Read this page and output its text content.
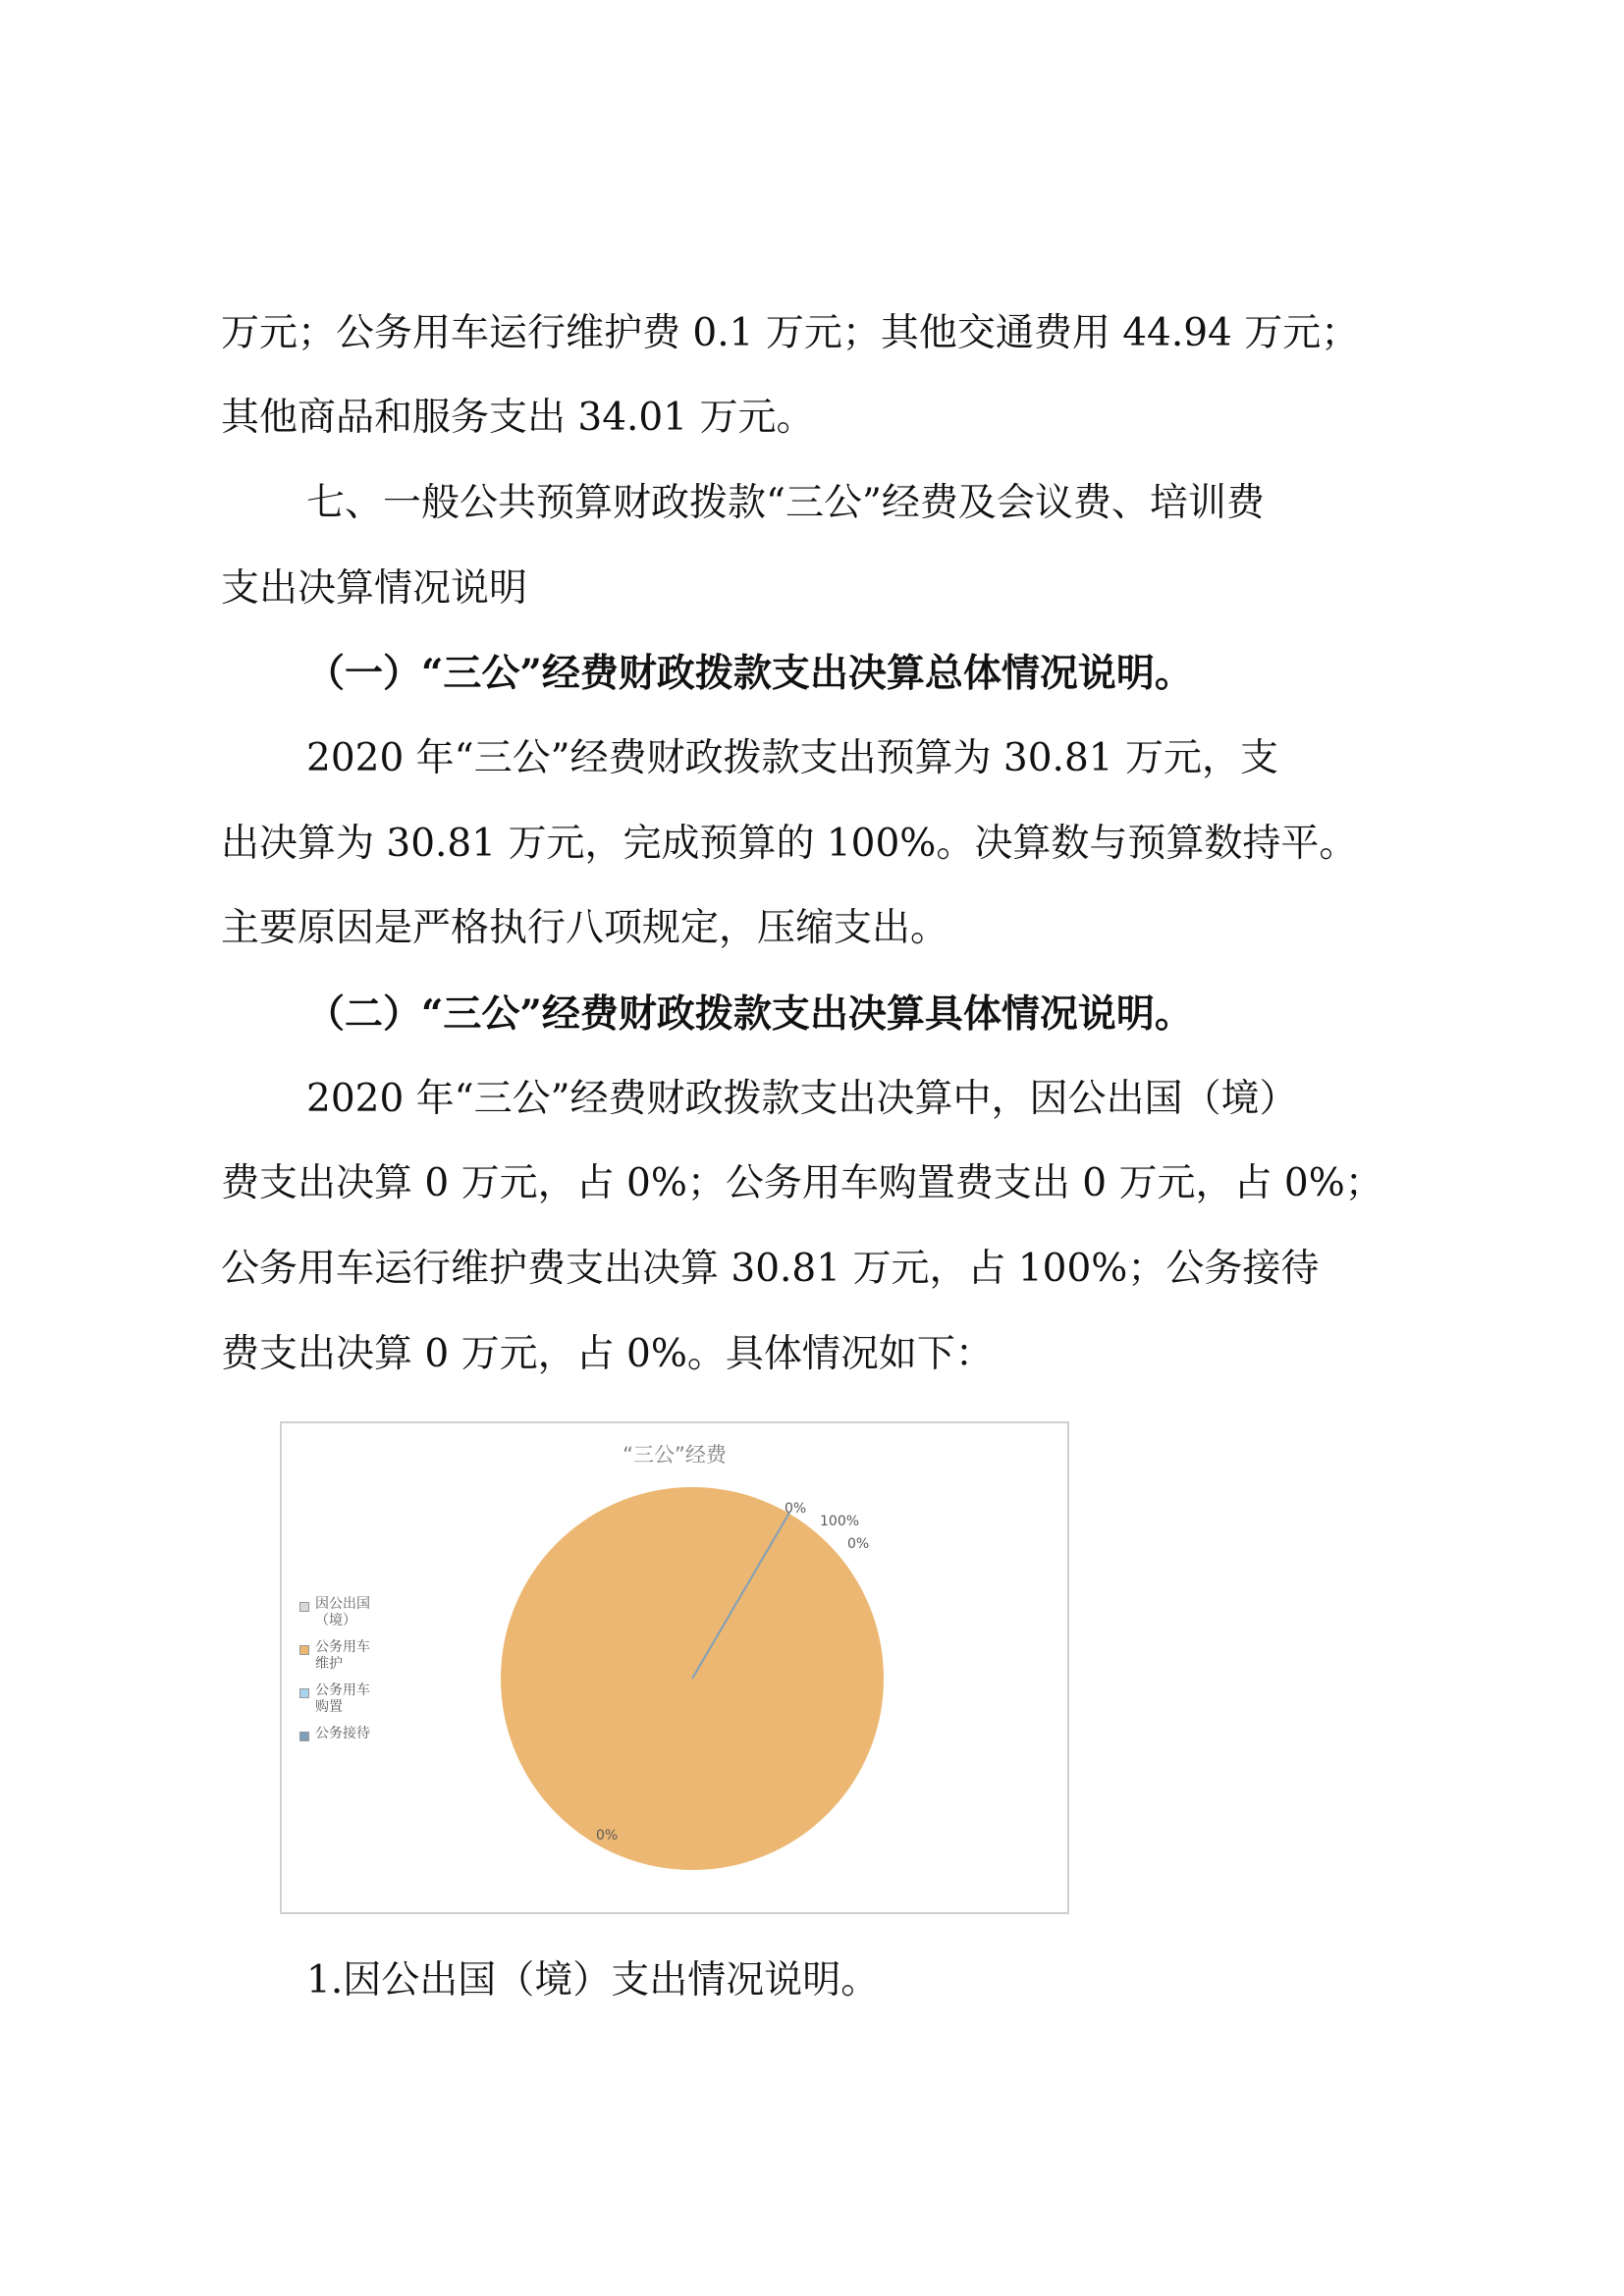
万元；公务用车运行维护费 0.1 万元；其他交通费用 44.94 万元；
其他商品和服务支出 34.01 万元。
七、一般公共预算财政拨款“三公”经费及会议费、培训费
支出决算情况说明
（一）“三公”经费财政拨款支出决算总体情况说明。
2020 年“三公”经费财政拨款支出预算为 30.81 万元，支
出决算为 30.81 万元，完成预算的 100%。决算数与预算数持平。
主要原因是严格执行八项规定，压缩支出。
（二）“三公”经费财政拨款支出决算具体情况说明。
2020 年“三公”经费财政拨款支出决算中，因公出国（境）
费支出决算 0 万元，占 0%；公务用车购置费支出 0 万元，占 0%；
公务用车运行维护费支出决算 30.81 万元，占 100%；公务接待
费支出决算 0 万元，占 0%。具体情况如下：
“三公”经费
因公出国（境）
公务用车维护
公务用车购置
公务接待
0%
100%
0%
0%
1.因公出国（境）支出情况说明。
